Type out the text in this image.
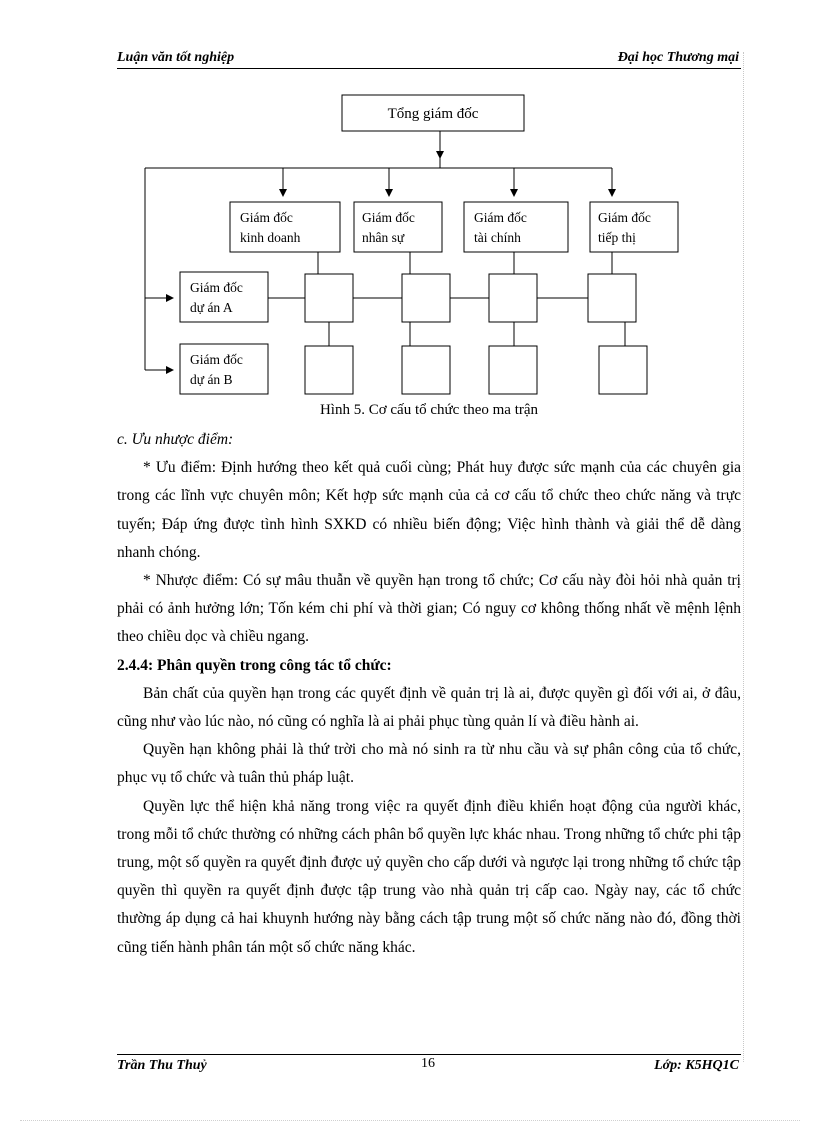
Luận văn tốt nghiệp	Đại học Thương mại
Tổng giám đốc
Giám đốc
kinh doanh
Giám đốc
nhân sự
Giám đốc
tài chính
Giám đốc
tiếp thị
Giám đốc
dự án A
Giám đốc
dự án B
Hình 5. Cơ cấu tổ chức theo ma trận

c. Ưu nhược điểm:

* Ưu điểm: Định hướng theo kết quả cuối cùng; Phát huy được sức mạnh của các chuyên gia trong các lĩnh vực chuyên môn; Kết hợp sức mạnh của cả cơ cấu tổ chức theo chức năng và trực tuyến; Đáp ứng được tình hình SXKD có nhiều biến động; Việc hình thành và giải thể dễ dàng nhanh chóng.

* Nhược điểm: Có sự mâu thuẫn về quyền hạn trong tổ chức; Cơ cấu này đòi hỏi nhà quản trị phải có ảnh hưởng lớn; Tốn kém chi phí và thời gian; Có nguy cơ không thống nhất về mệnh lệnh theo chiều dọc và chiều ngang.

2.4.4: Phân quyền trong công tác tổ chức:

Bản chất của quyền hạn trong các quyết định về quản trị là ai, được quyền gì đối với ai, ở đâu, cũng như vào lúc nào, nó cũng có nghĩa là ai phải phục tùng quản lí và điều hành ai.

Quyền hạn không phải là thứ trời cho mà nó sinh ra từ nhu cầu và sự phân công của tổ chức, phục vụ tổ chức và tuân thủ pháp luật.

Quyền lực thể hiện khả năng trong việc ra quyết định điều khiển hoạt động của người khác, trong mỗi tổ chức thường có những cách phân bổ quyền lực khác nhau. Trong những tổ chức phi tập trung, một số quyền ra quyết định được uỷ quyền cho cấp dưới và ngược lại trong những tổ chức tập quyền thì quyền ra quyết định được tập trung vào nhà quản trị cấp cao. Ngày nay, các tổ chức thường áp dụng cả hai khuynh hướng này bằng cách tập trung một số chức năng nào đó, đồng thời cũng tiến hành phân tán một số chức năng khác.

Trần Thu Thuỷ	16	Lớp: K5HQ1C
